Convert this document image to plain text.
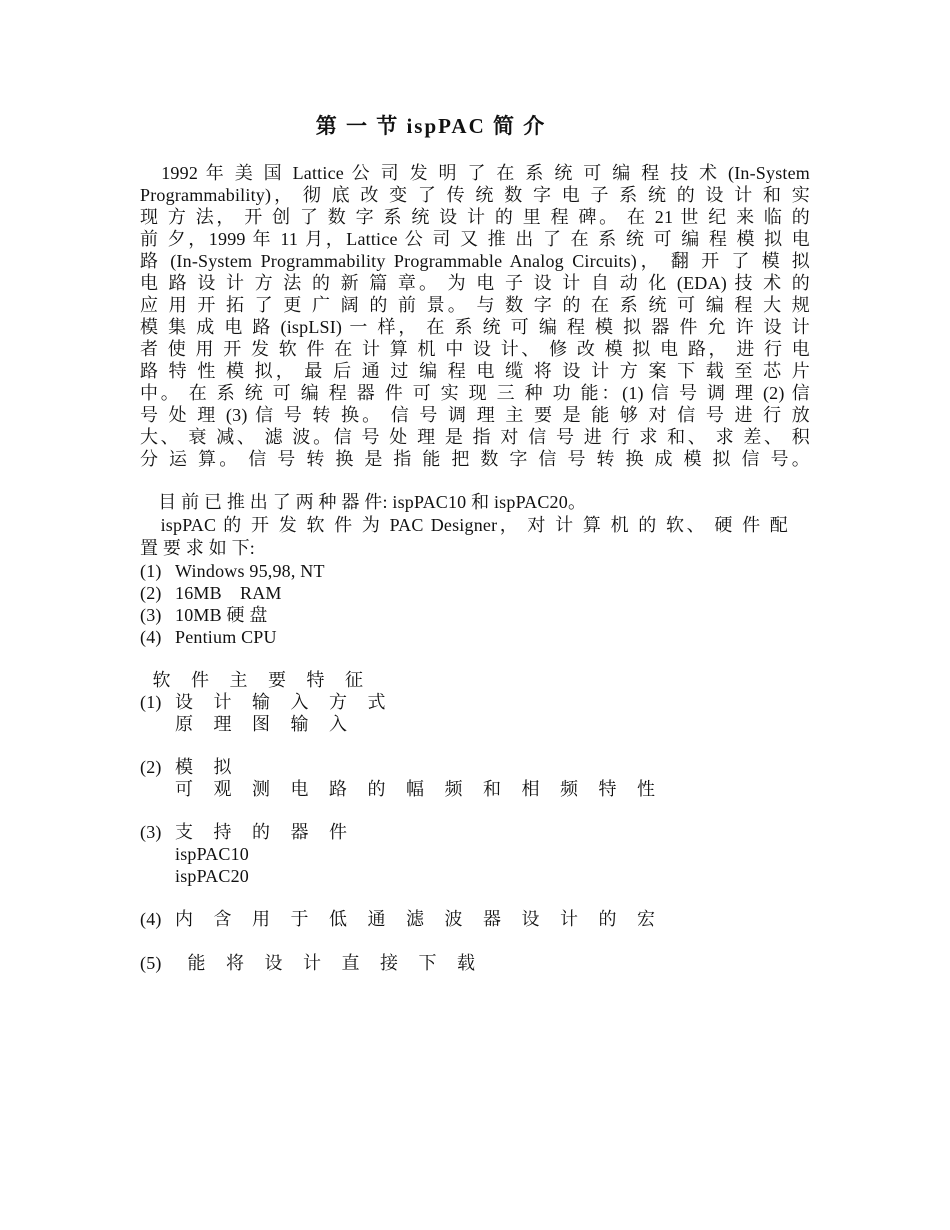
第 一 节 ispPAC 简 介
　1992 年 美 国 Lattice 公 司 发 明 了 在 系 统 可 编 程 技 术 (In-System
Programmability)， 彻 底 改 变 了 传 统 数 字 电 子 系 统 的 设 计 和 实
现 方 法， 开 创 了 数 字 系 统 设 计 的 里 程 碑。 在 21 世 纪 来 临 的
前 夕，1999 年 11 月，Lattice 公 司 又 推 出 了 在 系 统 可 编 程 模 拟 电
路 (In-System Programmability Programmable Analog Circuits)， 翻 开 了 模 拟
电 路 设 计 方 法 的 新 篇 章。 为 电 子 设 计 自 动 化 (EDA) 技 术 的
应 用 开 拓 了 更 广 阔 的 前 景。 与 数 字 的 在 系 统 可 编 程 大 规
模 集 成 电 路 (ispLSI) 一 样， 在 系 统 可 编 程 模 拟 器 件 允 许 设 计
者 使 用 开 发 软 件 在 计 算 机 中 设 计、 修 改 模 拟 电 路， 进 行 电
路 特 性 模 拟， 最 后 通 过 编 程 电 缆 将 设 计 方 案 下 载 至 芯 片
中。 在 系 统 可 编 程 器 件 可 实 现 三 种 功 能：(1) 信 号 调 理 (2) 信
号 处 理 (3) 信 号 转 换。 信 号 调 理 主 要 是 能 够 对 信 号 进 行 放
大、 衰 减、 滤 波。信 号 处 理 是 指 对 信 号 进 行 求 和、 求 差、 积
分 运 算。 信 号 转 换 是 指 能 把 数 字 信 号 转 换 成 模 拟 信 号。
　目 前 已 推 出 了 两 种 器 件: ispPAC10 和 ispPAC20。
　ispPAC 的 开 发 软 件 为 PAC Designer， 对 计 算 机 的 软、 硬 件 配
置 要 求 如 下:
(1) Windows 95,98, NT
(2) 16MB　RAM
(3) 10MB 硬 盘
(4) Pentium CPU
软 件 主 要 特 征
(1) 设 计 输 入 方 式
原 理 图 输 入
(2) 模 拟
可 观 测 电 路 的 幅 频 和 相 频 特 性
(3) 支 持 的 器 件
ispPAC10
ispPAC20
(4) 内 含 用 于 低 通 滤 波 器 设 计 的 宏
(5) 能 将 设 计 直 接 下 载
